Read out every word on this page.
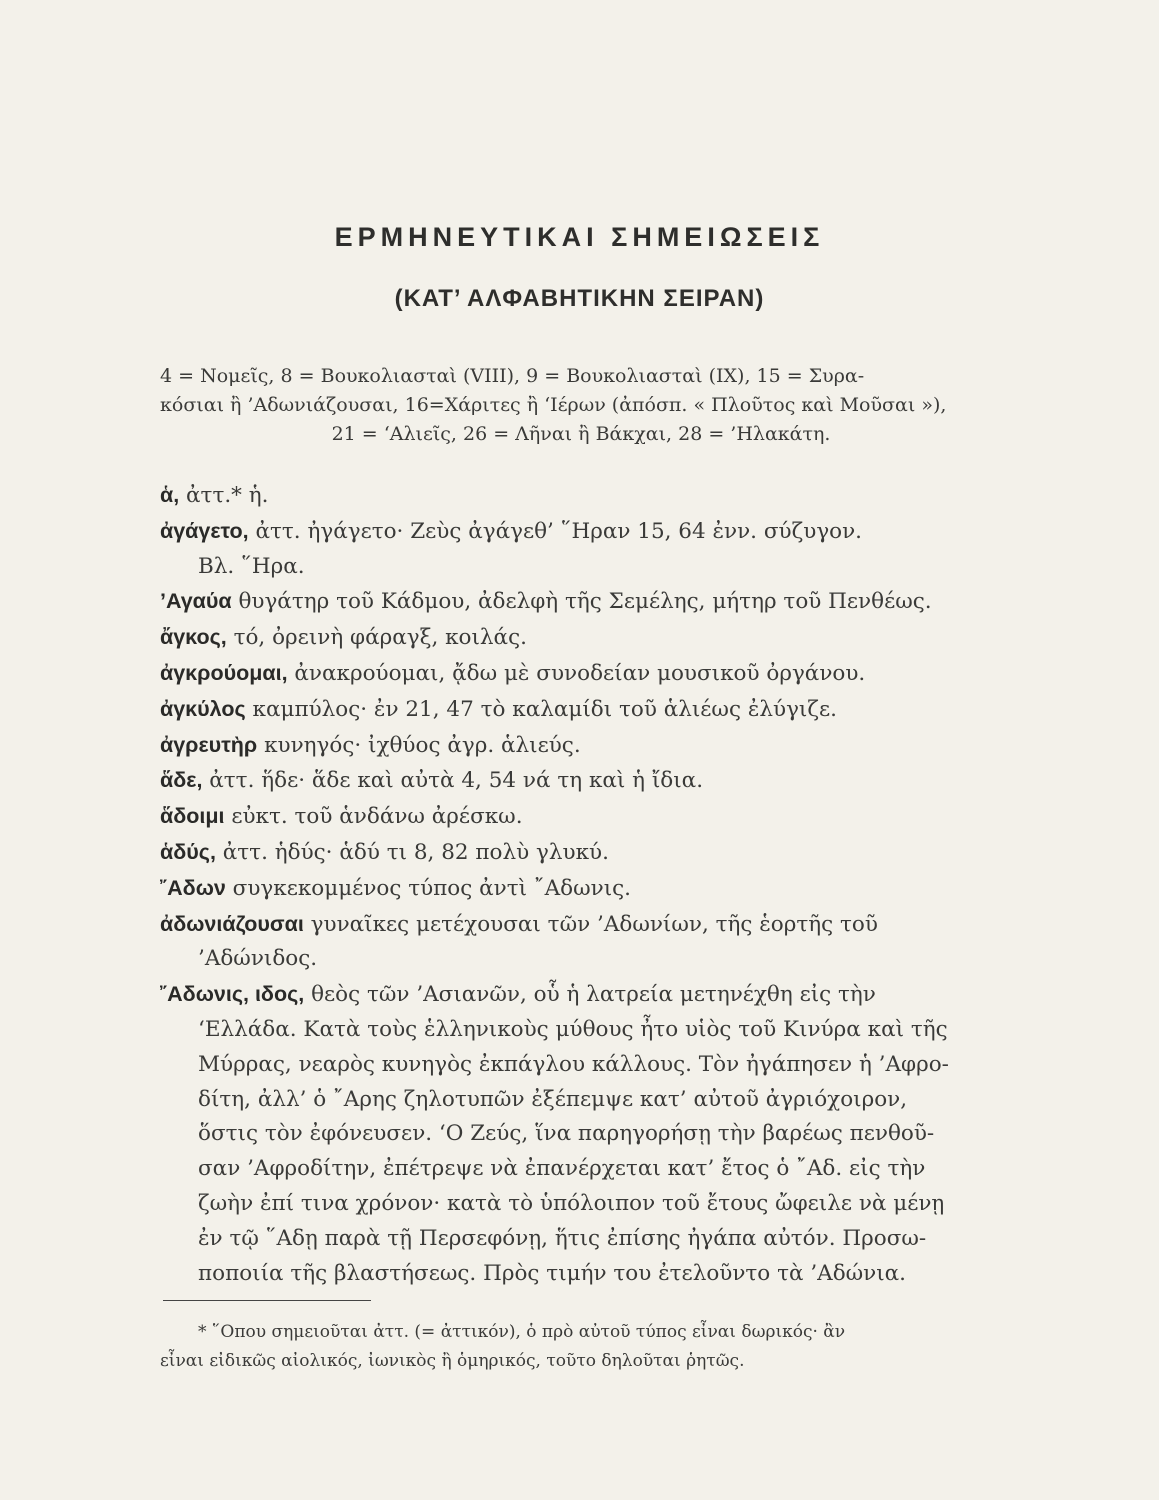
ΕΡΜΗΝΕΥΤΙΚΑΙ ΣΗΜΕΙΩΣΕΙΣ
(ΚΑΤ’ ΑΛΦΑΒΗΤΙΚΗΝ ΣΕΙΡΑΝ)
4 = Νομεῖς, 8 = Βουκολιασταὶ (VIII), 9 = Βουκολιασταὶ (IX), 15 = Συρα-
κόσιαι ἢ ’Αδωνιάζουσαι, 16=Χάριτες ἢ ‘Ιέρων (ἀπόσπ. « Πλοῦτος καὶ Μοῦσαι »),
21 = ‘Αλιεῖς, 26 = Λῆναι ἢ Βάκχαι, 28 = ’Ηλακάτη.
ἁ, ἀττ.* ἡ.
ἀγάγετο, ἀττ. ἠγάγετο· Ζεὺς ἀγάγεθ’ ῞Ηραν 15, 64 ἐνν. σύζυγον.
Βλ. ῞Ηρα.
’Αγαύα θυγάτηρ τοῦ Κάδμου, ἀδελφὴ τῆς Σεμέλης, μήτηρ τοῦ Πενθέως.
ἄγκος, τό, ὀρεινὴ φάραγξ, κοιλάς.
ἀγκρούομαι, ἀνακρούομαι, ᾄδω μὲ συνοδείαν μουσικοῦ ὀργάνου.
ἀγκύλος καμπύλος· ἐν 21, 47 τὸ καλαμίδι τοῦ ἁλιέως ἐλύγιζε.
ἀγρευτὴρ κυνηγός· ἰχθύος ἀγρ. ἁλιεύς.
ἅδε, ἀττ. ἥδε· ἅδε καὶ αὐτὰ 4, 54 νά τη καὶ ἡ ἴδια.
ἅδοιμι εὐκτ. τοῦ ἁνδάνω ἀρέσκω.
ἁδύς, ἀττ. ἡδύς· ἁδύ τι 8, 82 πολὺ γλυκύ.
῎Αδων συγκεκομμένος τύπος ἀντὶ ῎Αδωνις.
ἀδωνιάζουσαι γυναῖκες μετέχουσαι τῶν ’Αδωνίων, τῆς ἑορτῆς τοῦ
’Αδώνιδος.
῎Αδωνις, ιδος, θεὸς τῶν ’Ασιανῶν, οὗ ἡ λατρεία μετηνέχθη εἰς τὴν
‘Ελλάδα. Κατὰ τοὺς ἑλληνικοὺς μύθους ἦτο υἱὸς τοῦ Κινύρα καὶ τῆς
Μύρρας, νεαρὸς κυνηγὸς ἐκπάγλου κάλλους. Τὸν ἠγάπησεν ἡ ’Αφρο-
δίτη, ἀλλ’ ὁ ῎Αρης ζηλοτυπῶν ἐξέπεμψε κατ’ αὐτοῦ ἀγριόχοιρον,
ὅστις τὸν ἐφόνευσεν. ‘Ο Ζεύς, ἵνα παρηγορήσῃ τὴν βαρέως πενθοῦ-
σαν ’Αφροδίτην, ἐπέτρεψε νὰ ἐπανέρχεται κατ’ ἔτος ὁ ῎Αδ. εἰς τὴν
ζωὴν ἐπί τινα χρόνον· κατὰ τὸ ὑπόλοιπον τοῦ ἔτους ὤφειλε νὰ μένῃ
ἐν τῷ ῞Αδῃ παρὰ τῇ Περσεφόνῃ, ἥτις ἐπίσης ἠγάπα αὐτόν. Προσω-
ποποιία τῆς βλαστήσεως. Πρὸς τιμήν του ἐτελοῦντο τὰ ’Αδώνια.
* ῞Οπου σημειοῦται ἀττ. (= ἀττικόν), ὁ πρὸ αὐτοῦ τύπος εἶναι δωρικός· ἂν
εἶναι εἰδικῶς αἰολικός, ἰωνικὸς ἢ ὁμηρικός, τοῦτο δηλοῦται ῥητῶς.
